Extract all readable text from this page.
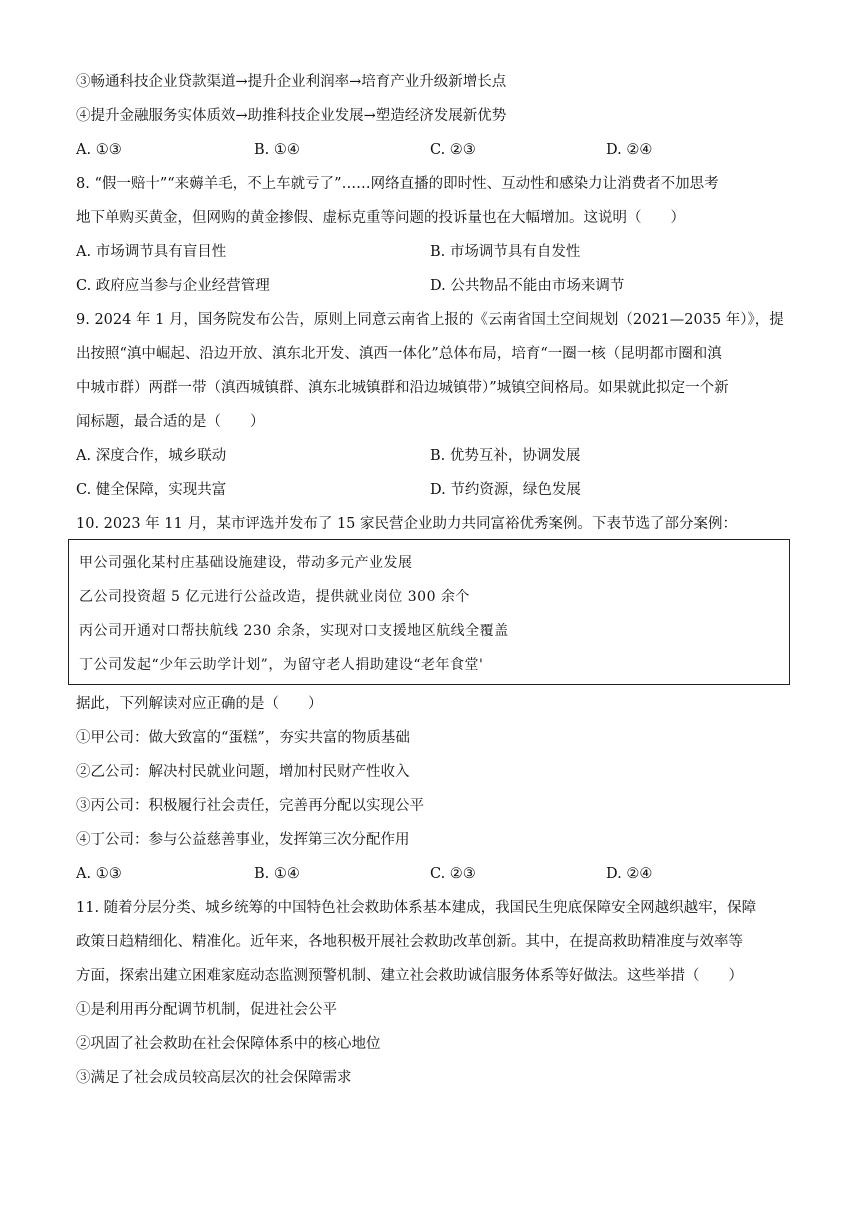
③畅通科技企业贷款渠道→提升企业利润率→培育产业升级新增长点
④提升金融服务实体质效→助推科技企业发展→塑造经济发展新优势
A. ①③	B. ①④	C. ②③	D. ②④
8. “假一赔十”“来薅羊毛，不上车就亏了”……网络直播的即时性、互动性和感染力让消费者不加思考
地下单购买黄金，但网购的黄金掺假、虚标克重等问题的投诉量也在大幅增加。这说明（　　）
A. 市场调节具有盲目性	B. 市场调节具有自发性
C. 政府应当参与企业经营管理	D. 公共物品不能由市场来调节
9. 2024 年 1 月，国务院发布公告，原则上同意云南省上报的《云南省国土空间规划（2021—2035 年）》，提
出按照“滇中崛起、沿边开放、滇东北开发、滇西一体化”总体布局，培育“一圈一核（昆明都市圈和滇
中城市群）两群一带（滇西城镇群、滇东北城镇群和沿边城镇带）”城镇空间格局。如果就此拟定一个新
闻标题，最合适的是（　　）
A. 深度合作，城乡联动	B. 优势互补，协调发展
C. 健全保障，实现共富	D. 节约资源，绿色发展
10. 2023 年 11 月，某市评选并发布了 15 家民营企业助力共同富裕优秀案例。下表节选了部分案例：
甲公司强化某村庄基础设施建设，带动多元产业发展
乙公司投资超 5 亿元进行公益改造，提供就业岗位 300 余个
丙公司开通对口帮扶航线 230 余条，实现对口支援地区航线全覆盖
丁公司发起“少年云助学计划”，为留守老人捐助建设“老年食堂'
据此，下列解读对应正确的是（　　）
①甲公司：做大致富的“蛋糕”，夯实共富的物质基础
②乙公司：解决村民就业问题，增加村民财产性收入
③丙公司：积极履行社会责任，完善再分配以实现公平
④丁公司：参与公益慈善事业，发挥第三次分配作用
A. ①③	B. ①④	C. ②③	D. ②④
11. 随着分层分类、城乡统筹的中国特色社会救助体系基本建成，我国民生兜底保障安全网越织越牢，保障
政策日趋精细化、精准化。近年来，各地积极开展社会救助改革创新。其中，在提高救助精准度与效率等
方面，探索出建立困难家庭动态监测预警机制、建立社会救助诚信服务体系等好做法。这些举措（　　）
①是利用再分配调节机制，促进社会公平
②巩固了社会救助在社会保障体系中的核心地位
③满足了社会成员较高层次的社会保障需求
